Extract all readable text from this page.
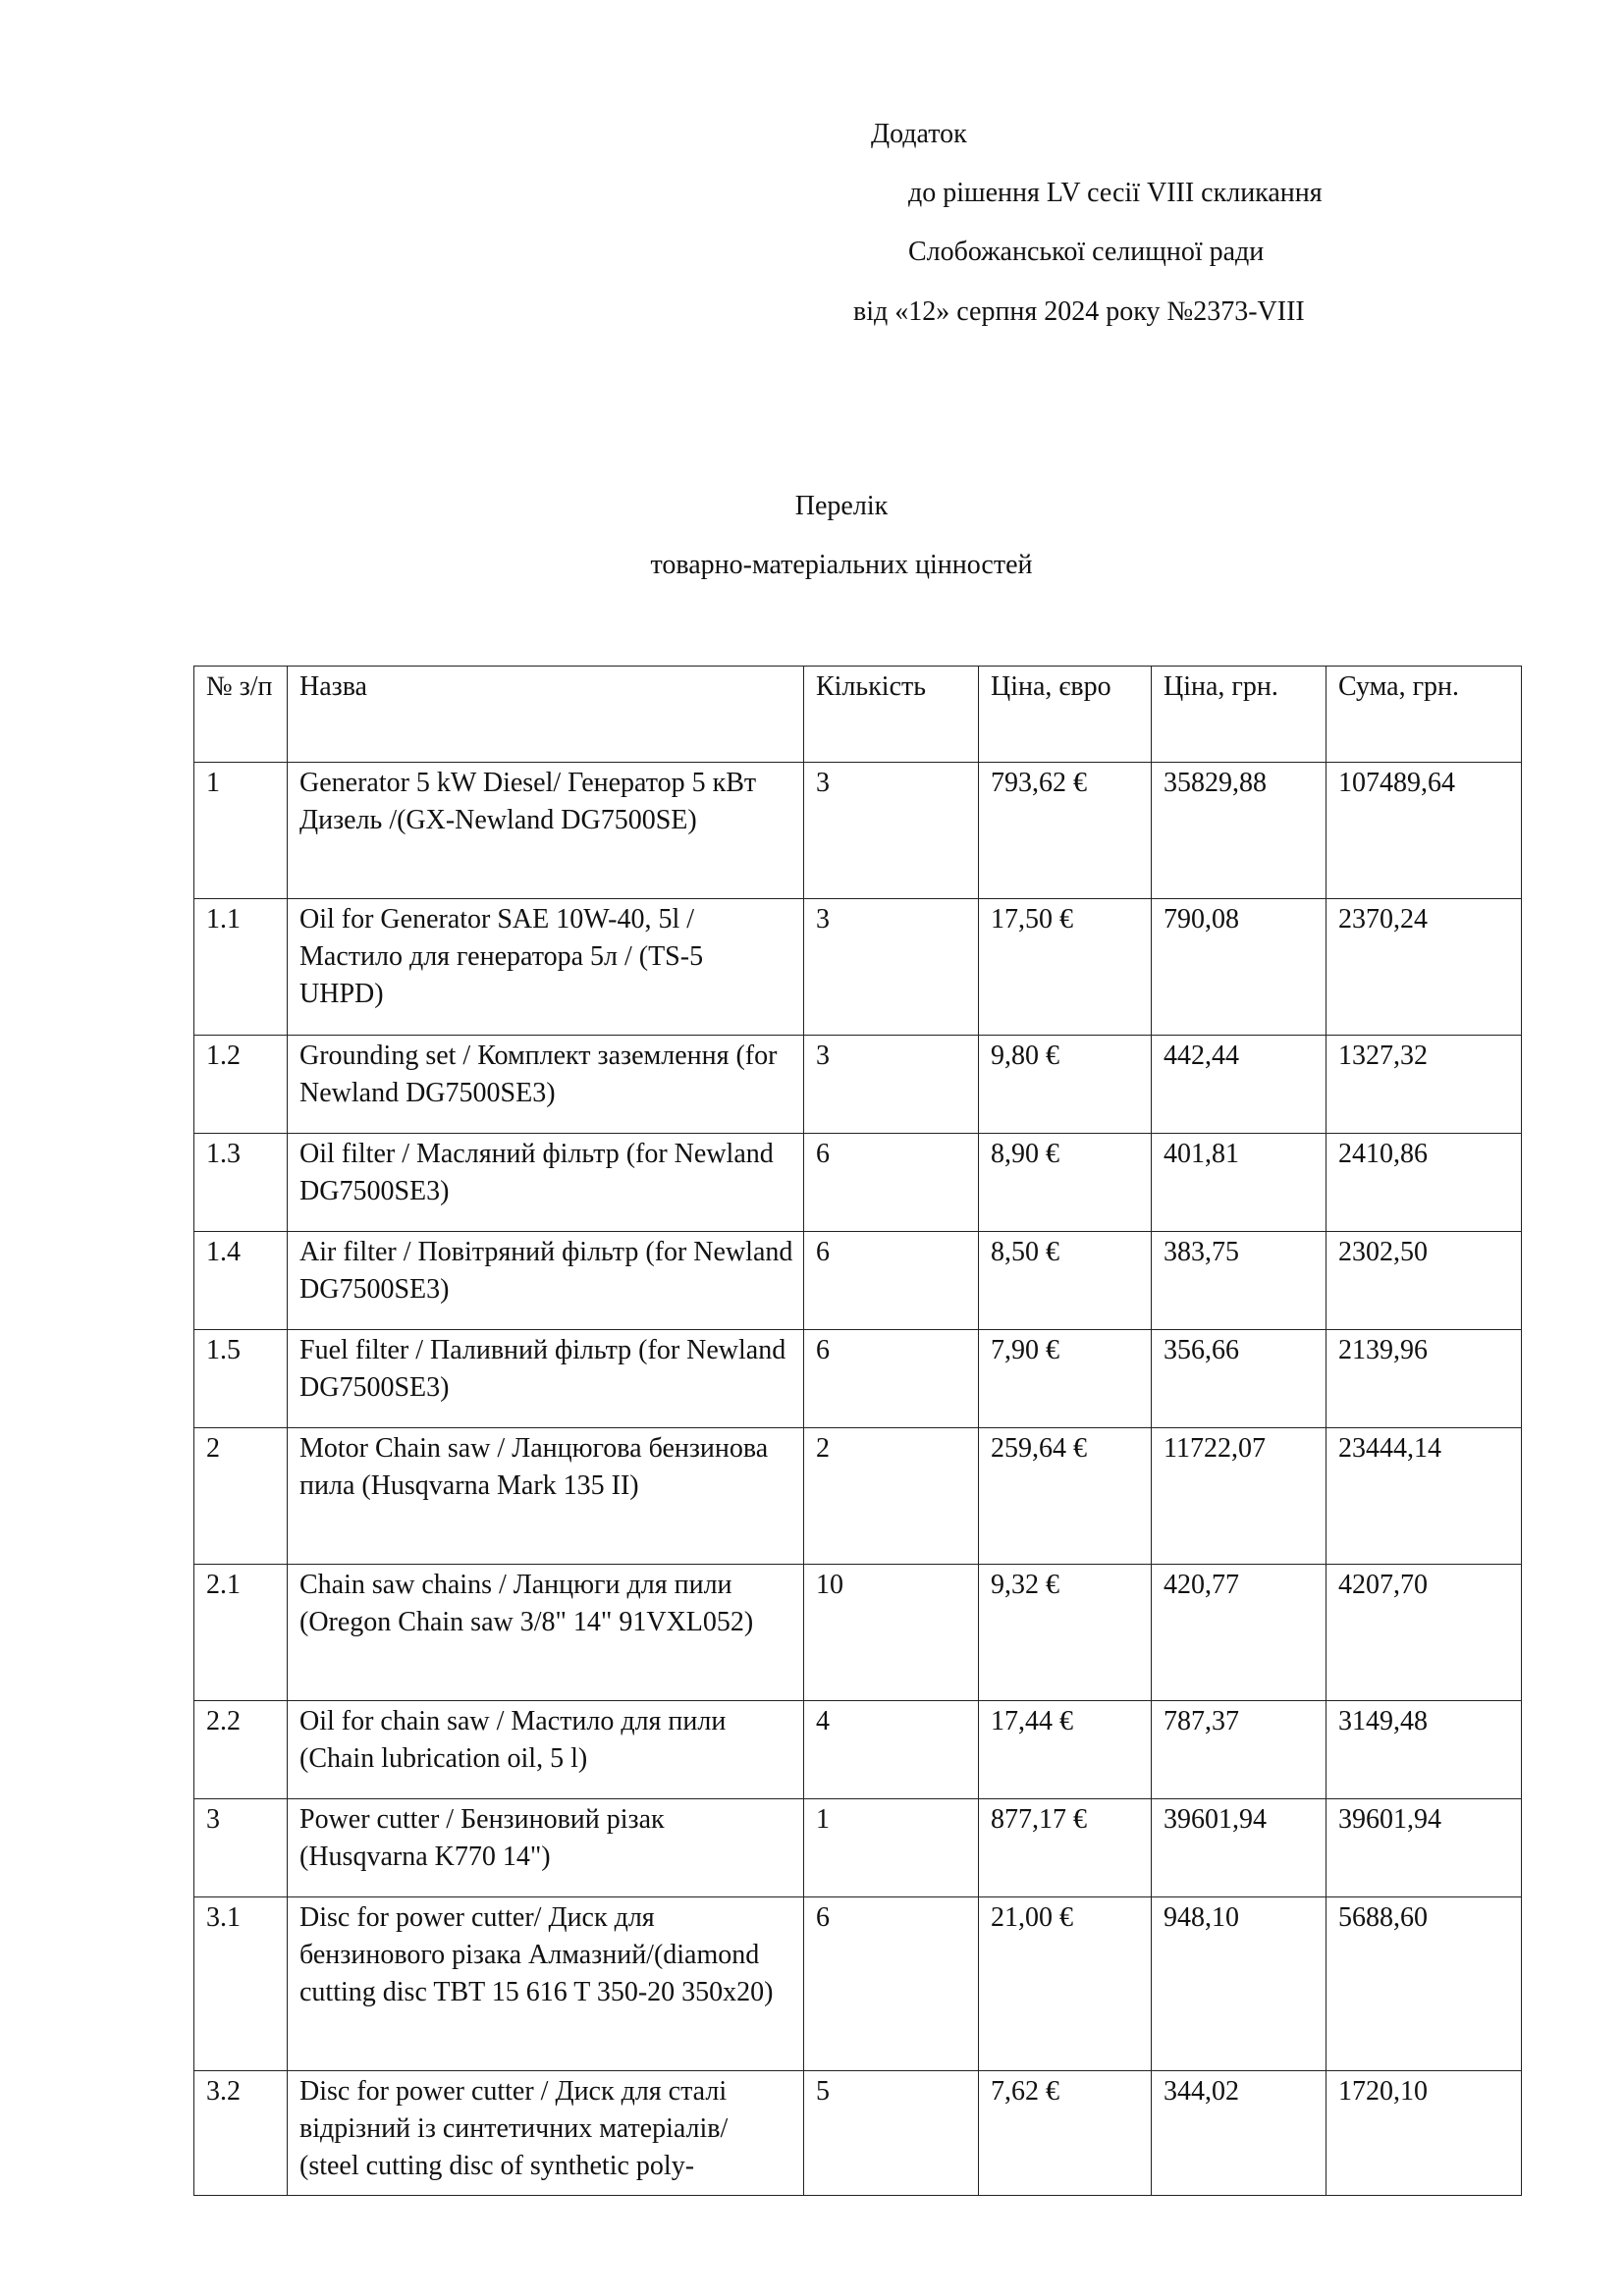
Додаток
до рішення LV сесії VIII скликання
Слобожанської селищної ради
від «12» серпня 2024 року №2373-VIII
Перелік
товарно-матеріальних цінностей
№ з/п	Назва	Кількість	Ціна, євро	Ціна, грн.	Сума, грн.
1	Generator 5 kW Diesel/ Генератор 5 кВт Дизель /(GX-Newland DG7500SE)	3	793,62 €	35829,88	107489,64
1.1	Oil for Generator SAE 10W-40, 5l /Мастило для генератора 5л / (TS-5 UHPD)	3	17,50 €	790,08	2370,24
1.2	Grounding set / Комплект заземлення (for Newland DG7500SE3)	3	9,80 €	442,44	1327,32
1.3	Oil filter / Масляний фільтр (for Newland DG7500SE3)	6	8,90 €	401,81	2410,86
1.4	Air filter / Повітряний фільтр (for Newland DG7500SE3)	6	8,50 €	383,75	2302,50
1.5	Fuel filter / Паливний фільтр (for Newland DG7500SE3)	6	7,90 €	356,66	2139,96
2	Motor Chain saw / Ланцюгова бензинова пила (Husqvarna Mark 135 II)	2	259,64 €	11722,07	23444,14
2.1	Chain saw chains / Ланцюги для пили (Oregon Chain saw 3/8" 14" 91VXL052)	10	9,32 €	420,77	4207,70
2.2	Oil for chain saw / Мастило для пили (Chain lubrication oil, 5 l)	4	17,44 €	787,37	3149,48
3	Power cutter / Бензиновий різак (Husqvarna K770 14")	1	877,17 €	39601,94	39601,94
3.1	Disc for power cutter/ Диск для бензинового різака Алмазний/(diamond cutting disc TBT 15 616 T 350-20 350x20)	6	21,00 €	948,10	5688,60
3.2	Disc for power cutter / Диск для сталі відрізний із синтетичних матеріалів/ (steel cutting disc of synthetic poly-	5	7,62 €	344,02	1720,10
